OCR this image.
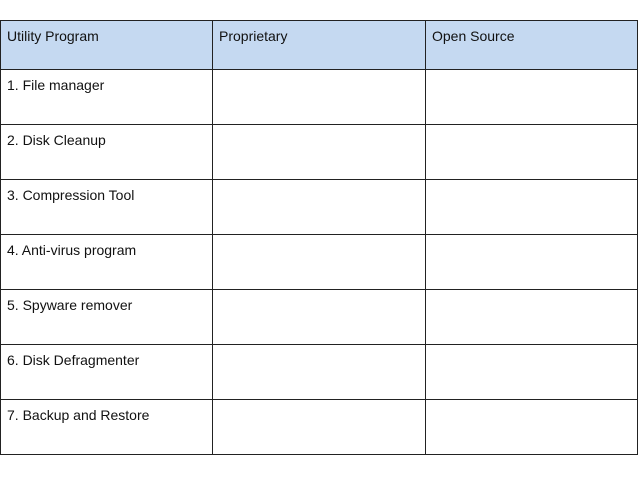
Utility Program	Proprietary	Open Source
1. File manager		
2. Disk Cleanup		
3. Compression Tool		
4. Anti-virus program		
5. Spyware remover		
6. Disk Defragmenter		
7. Backup and Restore		
